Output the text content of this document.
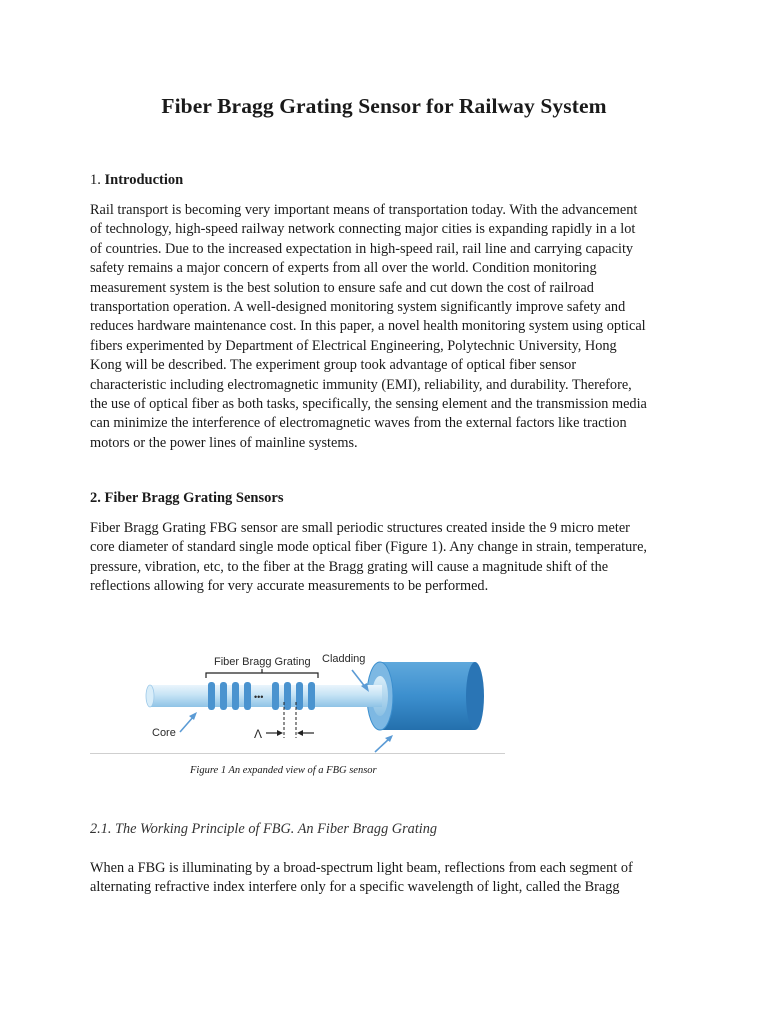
Fiber Bragg Grating Sensor for Railway System
1. Introduction
Rail transport is becoming very important means of transportation today. With the advancement
of technology, high-speed railway network connecting major cities is expanding rapidly in a lot
of countries. Due to the increased expectation in high-speed rail, rail line and carrying capacity
safety remains a major concern of experts from all over the world. Condition monitoring
measurement system is the best solution to ensure safe and cut down the cost of railroad
transportation operation. A well-designed monitoring system significantly improve safety and
reduces hardware maintenance cost. In this paper, a novel health monitoring system using optical
fibers experimented by Department of Electrical Engineering, Polytechnic University, Hong
Kong will be described. The experiment group took advantage of optical fiber sensor
characteristic including electromagnetic immunity (EMI), reliability, and durability. Therefore,
the use of optical fiber as both tasks, specifically, the sensing element and the transmission media
can minimize the interference of electromagnetic waves from the external factors like traction
motors or the power lines of mainline systems.
2. Fiber Bragg Grating Sensors
Fiber Bragg Grating FBG sensor are small periodic structures created inside the 9 micro meter
core diameter of standard single mode optical fiber (Figure 1). Any change in strain, temperature,
pressure, vibration, etc, to the fiber at the Bragg grating will cause a magnitude shift of the
reflections allowing for very accurate measurements to be performed.
•••
Fiber Bragg Grating Cladding
Core	Λ
Figure 1 An expanded view of a FBG sensor
2.1. The Working Principle of FBG. An Fiber Bragg Grating
When a FBG is illuminating by a broad-spectrum light beam, reflections from each segment of
alternating refractive index interfere only for a specific wavelength of light, called the Bragg
